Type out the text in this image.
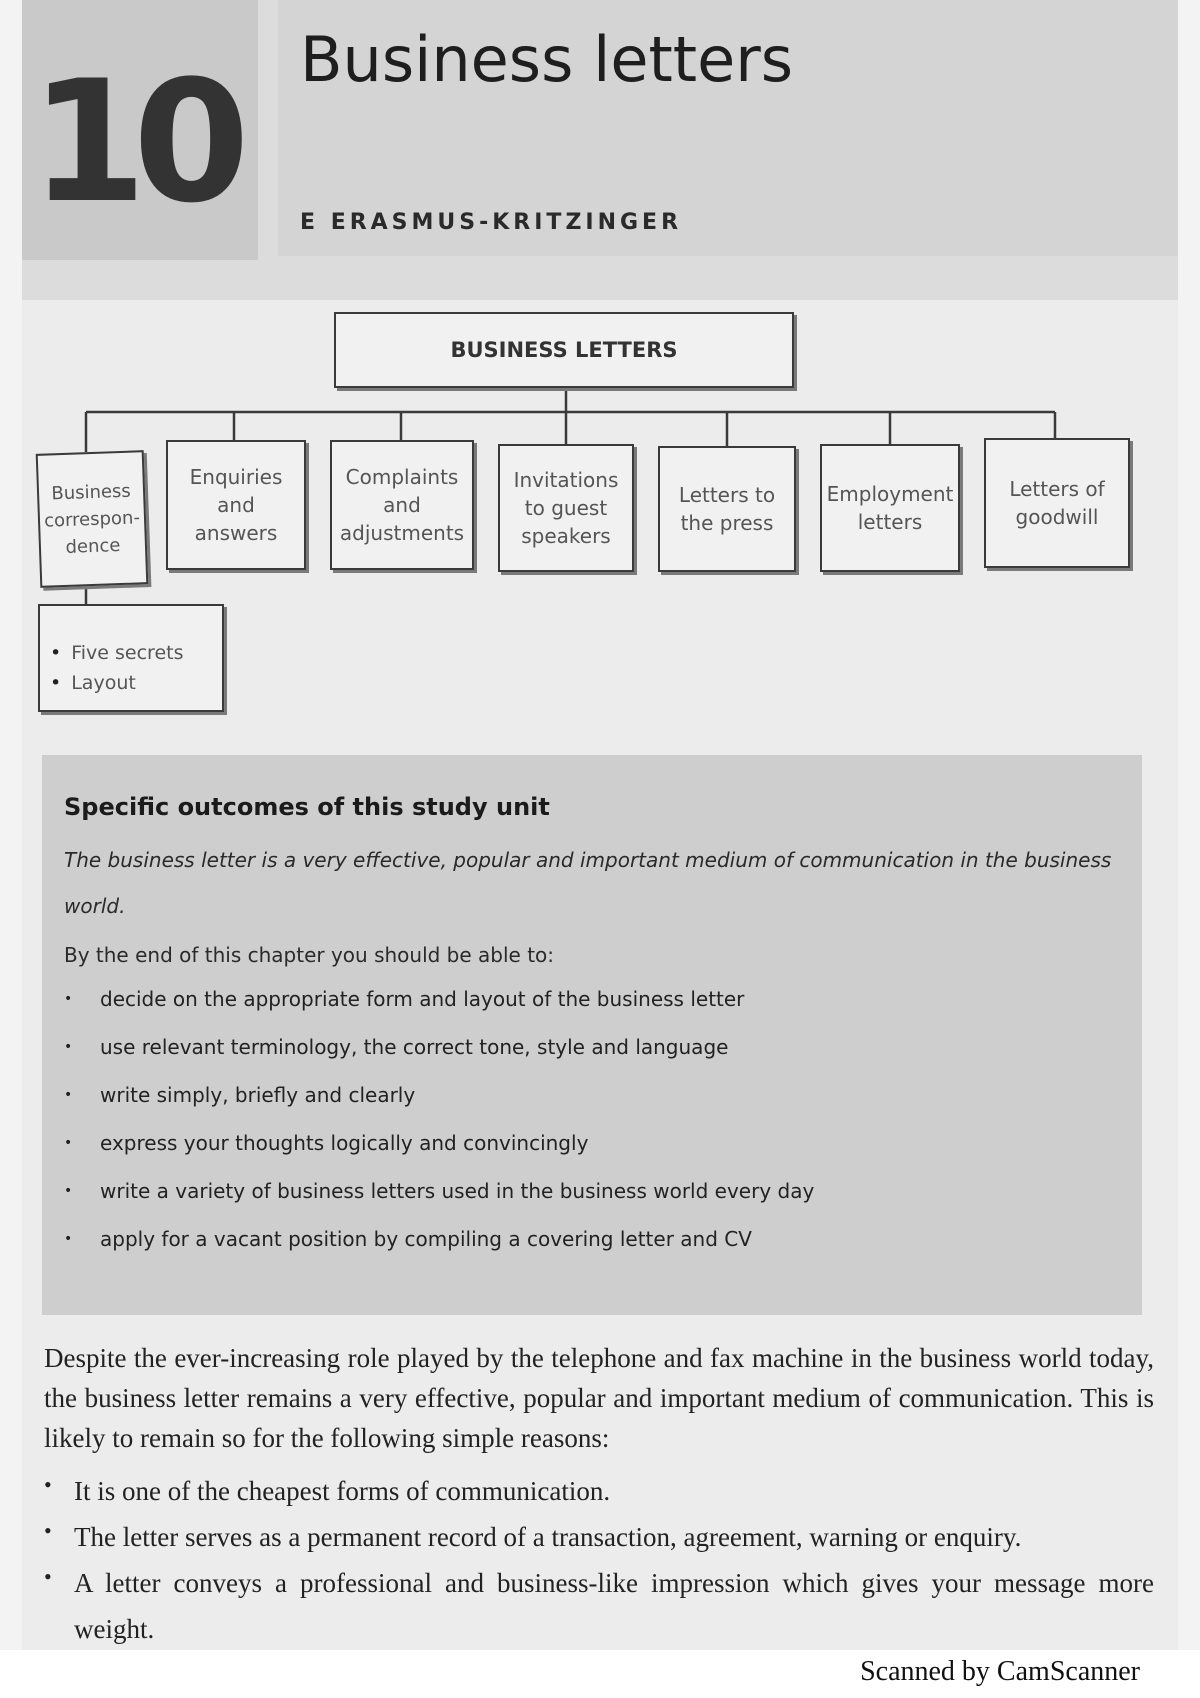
10 Business letters
E ERASMUS-KRITZINGER
BUSINESS LETTERS
Business correspon-
dence
Enquiries
and
answers
Complaints
and
adjustments
Invitations
to guest
speakers
Letters to
the press
Employment
letters
Letters of
goodwill
• Five secrets
• Layout
Specific outcomes of this study unit

The business letter is a very effective, popular and important medium of communication in the business world.

By the end of this chapter you should be able to:

• decide on the appropriate form and layout of the business letter
• use relevant terminology, the correct tone, style and language
• write simply, briefly and clearly
• express your thoughts logically and convincingly
• write a variety of business letters used in the business world every day
• apply for a vacant position by compiling a covering letter and CV

Despite the ever-increasing role played by the telephone and fax machine in the business world today, the business letter remains a very effective, popular and important medium of communication. This is likely to remain so for the following simple reasons:

• It is one of the cheapest forms of communication.
• The letter serves as a permanent record of a transaction, agreement, warning or enquiry.
• A letter conveys a professional and business-like impression which gives your message more weight.
Scanned by CamScanner
